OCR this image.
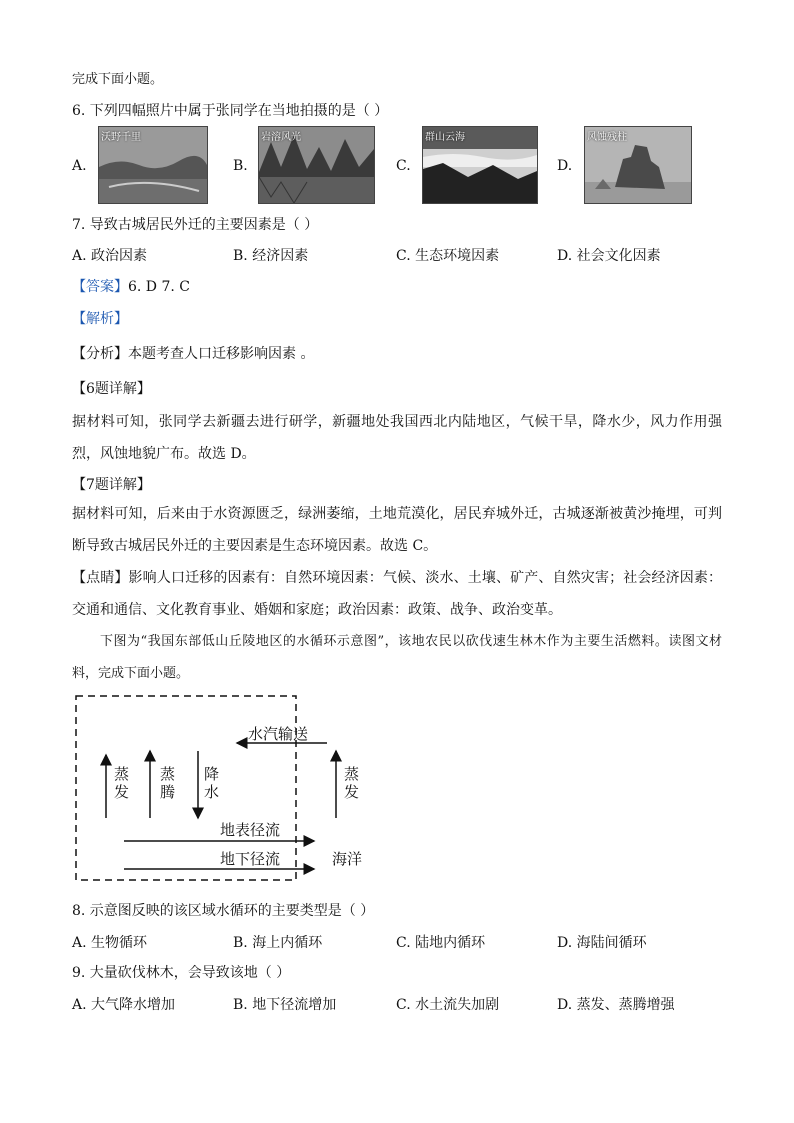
完成下面小题。
6. 下列四幅照片中属于张同学在当地拍摄的是（ ）
A.
沃野千里
B.
岩溶风光
C.
群山云海
D.
风蚀残柱
7. 导致古城居民外迁的主要因素是（ ）
A. 政治因素	B. 经济因素	C. 生态环境因素	D. 社会文化因素
【答案】6. D 7. C
【解析】
【分析】本题考查人口迁移影响因素 。
【6题详解】
据材料可知，张同学去新疆去进行研学，新疆地处我国西北内陆地区，气候干旱，降水少，风力作用强烈，风蚀地貌广布。故选 D。
【7题详解】
据材料可知，后来由于水资源匮乏，绿洲萎缩，土地荒漠化，居民弃城外迁，古城逐渐被黄沙掩埋，可判断导致古城居民外迁的主要因素是生态环境因素。故选 C。
【点睛】影响人口迁移的因素有：自然环境因素：气候、淡水、土壤、矿产、自然灾害；社会经济因素：交通和通信、文化教育事业、婚姻和家庭；政治因素：政策、战争、政治变革。
下图为“我国东部低山丘陵地区的水循环示意图”，该地农民以砍伐速生林木作为主要生活燃料。读图文材料，完成下面小题。
水汽输送
蒸发
蒸腾
降水
蒸发
地表径流
地下径流	海洋
8. 示意图反映的该区域水循环的主要类型是（ ）
A. 生物循环	B. 海上内循环	C. 陆地内循环	D. 海陆间循环
9. 大量砍伐林木，会导致该地（ ）
A. 大气降水增加	B. 地下径流增加	C. 水土流失加剧	D. 蒸发、蒸腾增强
